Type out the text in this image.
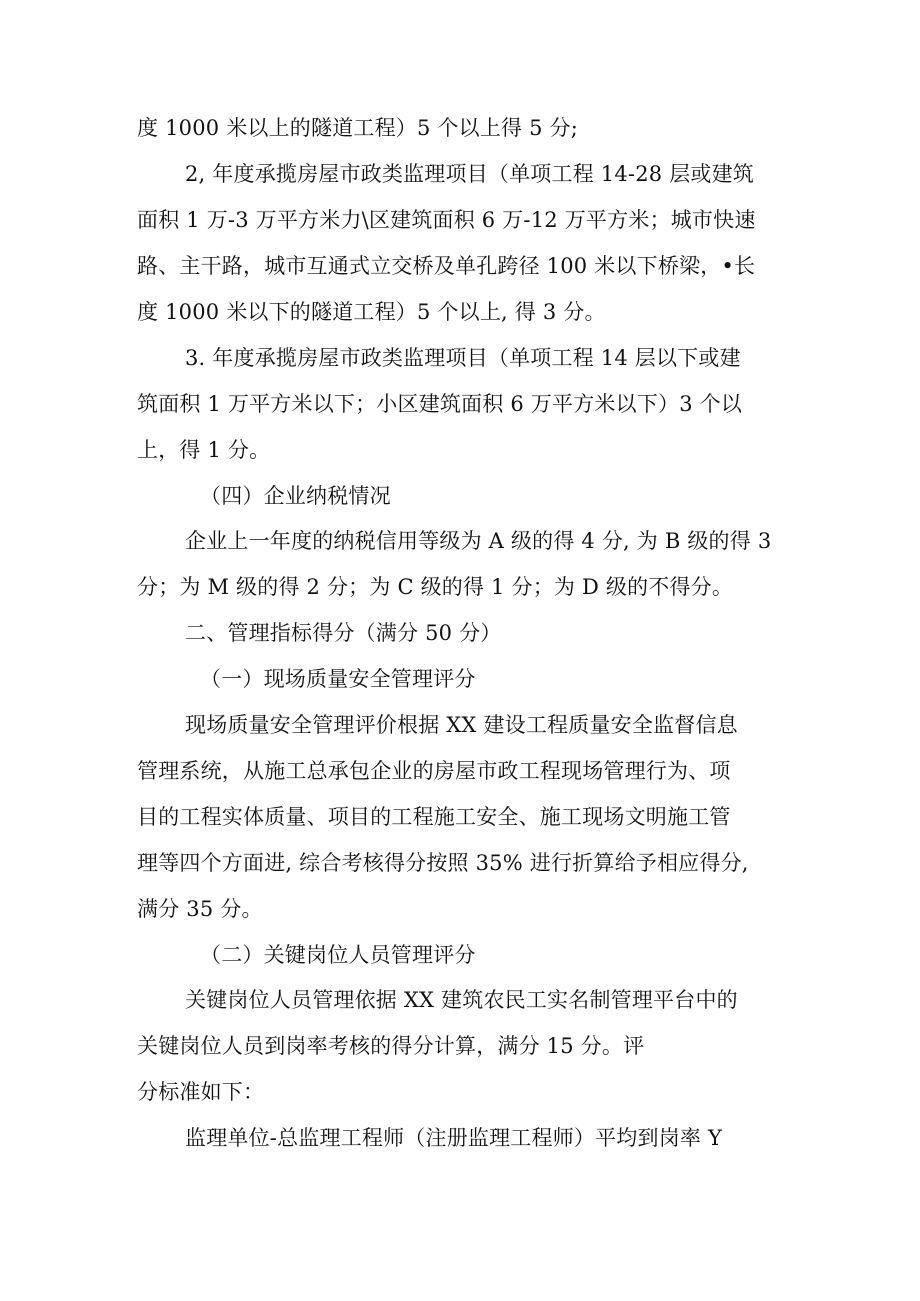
度 1000 米以上的隧道工程）5 个以上得 5 分;
2, 年度承揽房屋市政类监理项目（单项工程 14-28 层或建筑
面积 1 万-3 万平方米力\区建筑面积 6 万-12 万平方米；城市快速
路、主干路，城市互通式立交桥及单孔跨径 100 米以下桥梁，•长
度 1000 米以下的隧道工程）5 个以上, 得 3 分。
3. 年度承揽房屋市政类监理项目（单项工程 14 层以下或建
筑面积 1 万平方米以下；小区建筑面积 6 万平方米以下）3 个以
上，得 1 分。
（四）企业纳税情况
企业上一年度的纳税信用等级为 A 级的得 4 分, 为 B 级的得 3
分；为 M 级的得 2 分；为 C 级的得 1 分；为 D 级的不得分。
二、管理指标得分（满分 50 分）
（一）现场质量安全管理评分
现场质量安全管理评价根据 XX 建设工程质量安全监督信息
管理系统，从施工总承包企业的房屋市政工程现场管理行为、项
目的工程实体质量、项目的工程施工安全、施工现场文明施工管
理等四个方面进, 综合考核得分按照 35% 进行折算给予相应得分,
满分 35 分。
（二）关键岗位人员管理评分
关键岗位人员管理依据 XX 建筑农民工实名制管理平台中的
关键岗位人员到岗率考核的得分计算，满分 15 分。评
分标准如下：
监理单位-总监理工程师（注册监理工程师）平均到岗率 Y
